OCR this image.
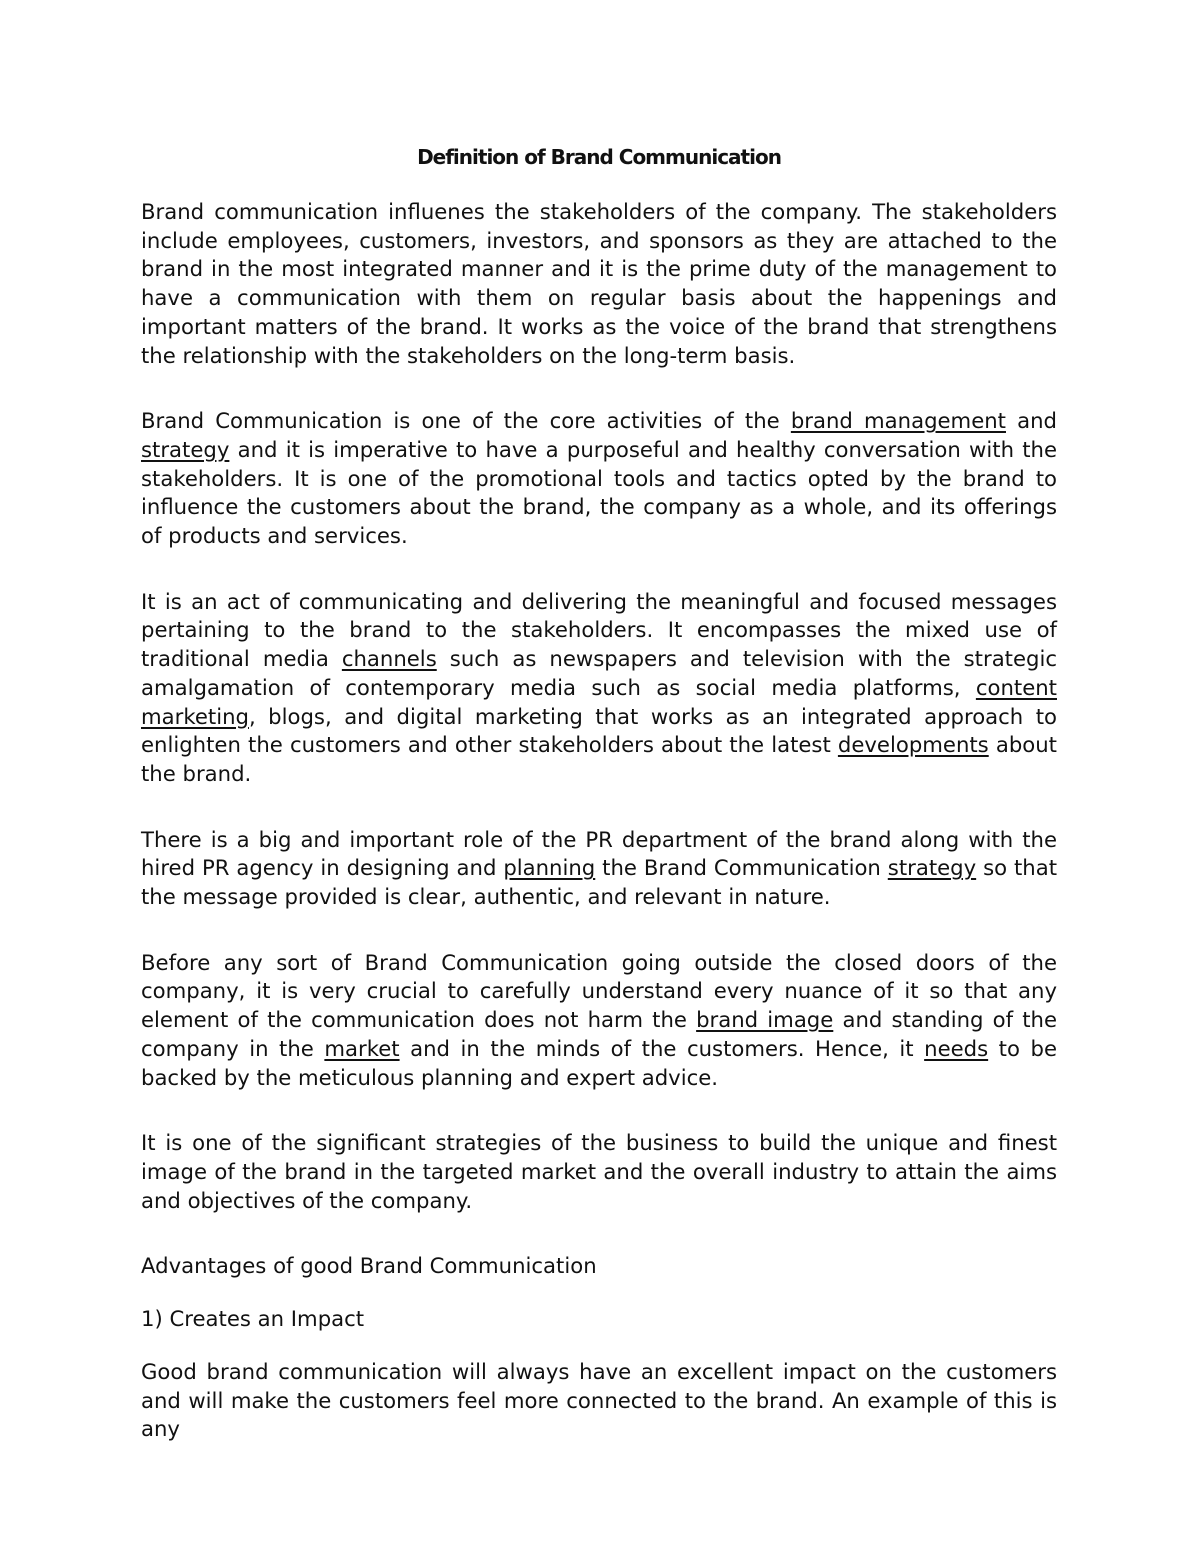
Definition of Brand Communication

Brand communication influenes the stakeholders of the company. The stakeholders include employees, customers, investors, and sponsors as they are attached to the brand in the most integrated manner and it is the prime duty of the management to have a communication with them on regular basis about the happenings and important matters of the brand. It works as the voice of the brand that strengthens the relationship with the stakeholders on the long-term basis.

Brand Communication is one of the core activities of the brand management and strategy and it is imperative to have a purposeful and healthy conversation with the stakeholders. It is one of the promotional tools and tactics opted by the brand to influence the customers about the brand, the company as a whole, and its offerings of products and services.

It is an act of communicating and delivering the meaningful and focused messages pertaining to the brand to the stakeholders. It encompasses the mixed use of traditional media channels such as newspapers and television with the strategic amalgamation of contemporary media such as social media platforms, content marketing, blogs, and digital marketing that works as an integrated approach to enlighten the customers and other stakeholders about the latest developments about the brand.

There is a big and important role of the PR department of the brand along with the hired PR agency in designing and planning the Brand Communication strategy so that the message provided is clear, authentic, and relevant in nature.

Before any sort of Brand Communication going outside the closed doors of the company, it is very crucial to carefully understand every nuance of it so that any element of the communication does not harm the brand image and standing of the company in the market and in the minds of the customers. Hence, it needs to be backed by the meticulous planning and expert advice.

It is one of the significant strategies of the business to build the unique and finest image of the brand in the targeted market and the overall industry to attain the aims and objectives of the company.

Advantages of good Brand Communication

1) Creates an Impact

Good brand communication will always have an excellent impact on the customers and will make the customers feel more connected to the brand. An example of this is any
